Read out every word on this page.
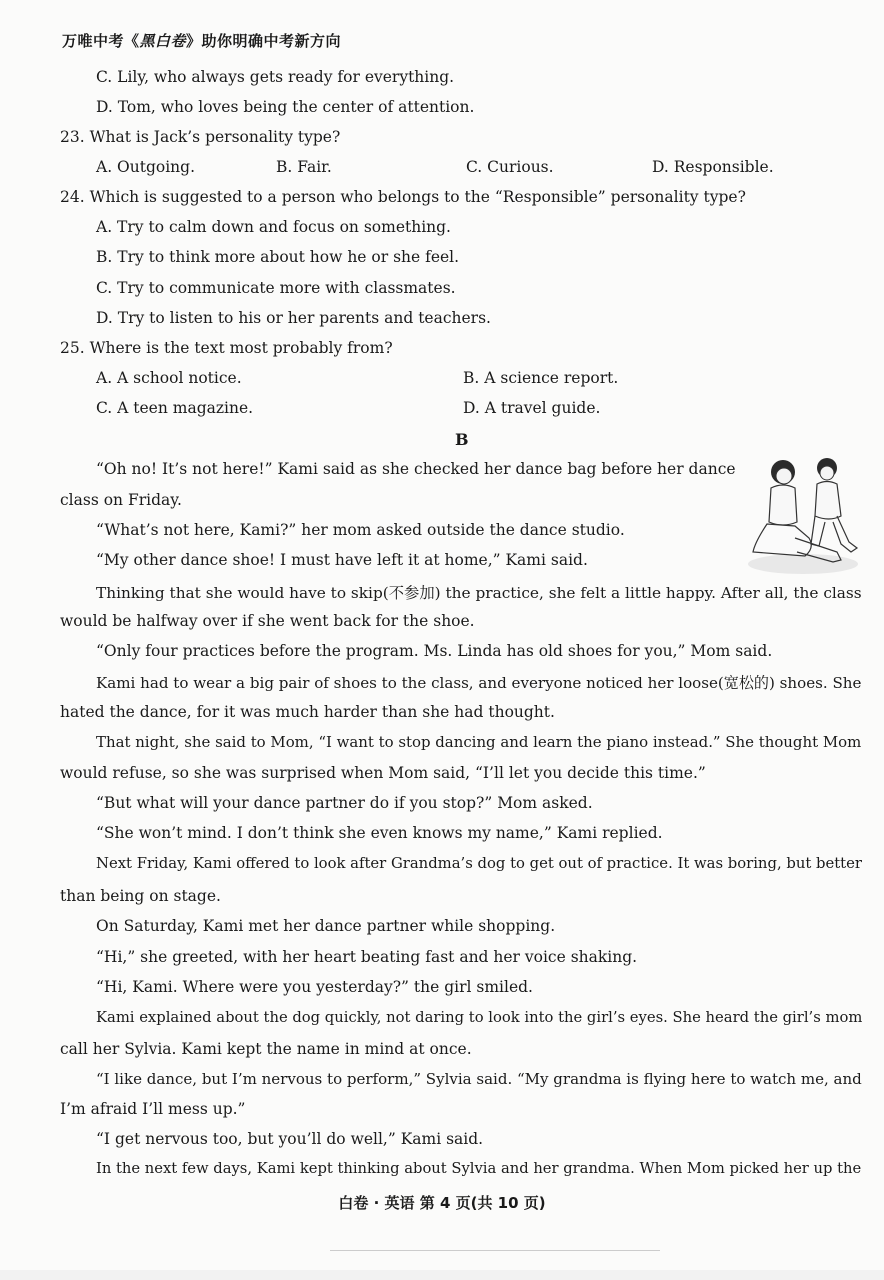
万唯中考《黑白卷》助你明确中考新方向
C. Lily, who always gets ready for everything.
D. Tom, who loves being the center of attention.
23. What is Jack’s personality type?
A. Outgoing.	B. Fair.	C. Curious.	D. Responsible.
24. Which is suggested to a person who belongs to the “Responsible” personality type?
A. Try to calm down and focus on something.
B. Try to think more about how he or she feel.
C. Try to communicate more with classmates.
D. Try to listen to his or her parents and teachers.
25. Where is the text most probably from?
A. A school notice.	B. A science report.
C. A teen magazine.	D. A travel guide.
B
“Oh no! It’s not here!” Kami said as she checked her dance bag before her dance
class on Friday.
“What’s not here, Kami?” her mom asked outside the dance studio.
“My other dance shoe! I must have left it at home,” Kami said.
Thinking that she would have to skip(不参加) the practice, she felt a little happy. After all, the class
would be halfway over if she went back for the shoe.
“Only four practices before the program. Ms. Linda has old shoes for you,” Mom said.
Kami had to wear a big pair of shoes to the class, and everyone noticed her loose(宽松的) shoes. She
hated the dance, for it was much harder than she had thought.
That night, she said to Mom, “I want to stop dancing and learn the piano instead.” She thought Mom
would refuse, so she was surprised when Mom said, “I’ll let you decide this time.”
“But what will your dance partner do if you stop?” Mom asked.
“She won’t mind. I don’t think she even knows my name,” Kami replied.
Next Friday, Kami offered to look after Grandma’s dog to get out of practice. It was boring, but better
than being on stage.
On Saturday, Kami met her dance partner while shopping.
“Hi,” she greeted, with her heart beating fast and her voice shaking.
“Hi, Kami. Where were you yesterday?” the girl smiled.
Kami explained about the dog quickly, not daring to look into the girl’s eyes. She heard the girl’s mom
call her Sylvia. Kami kept the name in mind at once.
“I like dance, but I’m nervous to perform,” Sylvia said. “My grandma is flying here to watch me, and
I’m afraid I’ll mess up.”
“I get nervous too, but you’ll do well,” Kami said.
In the next few days, Kami kept thinking about Sylvia and her grandma. When Mom picked her up the
白卷 · 英语 第 4 页(共 10 页)
